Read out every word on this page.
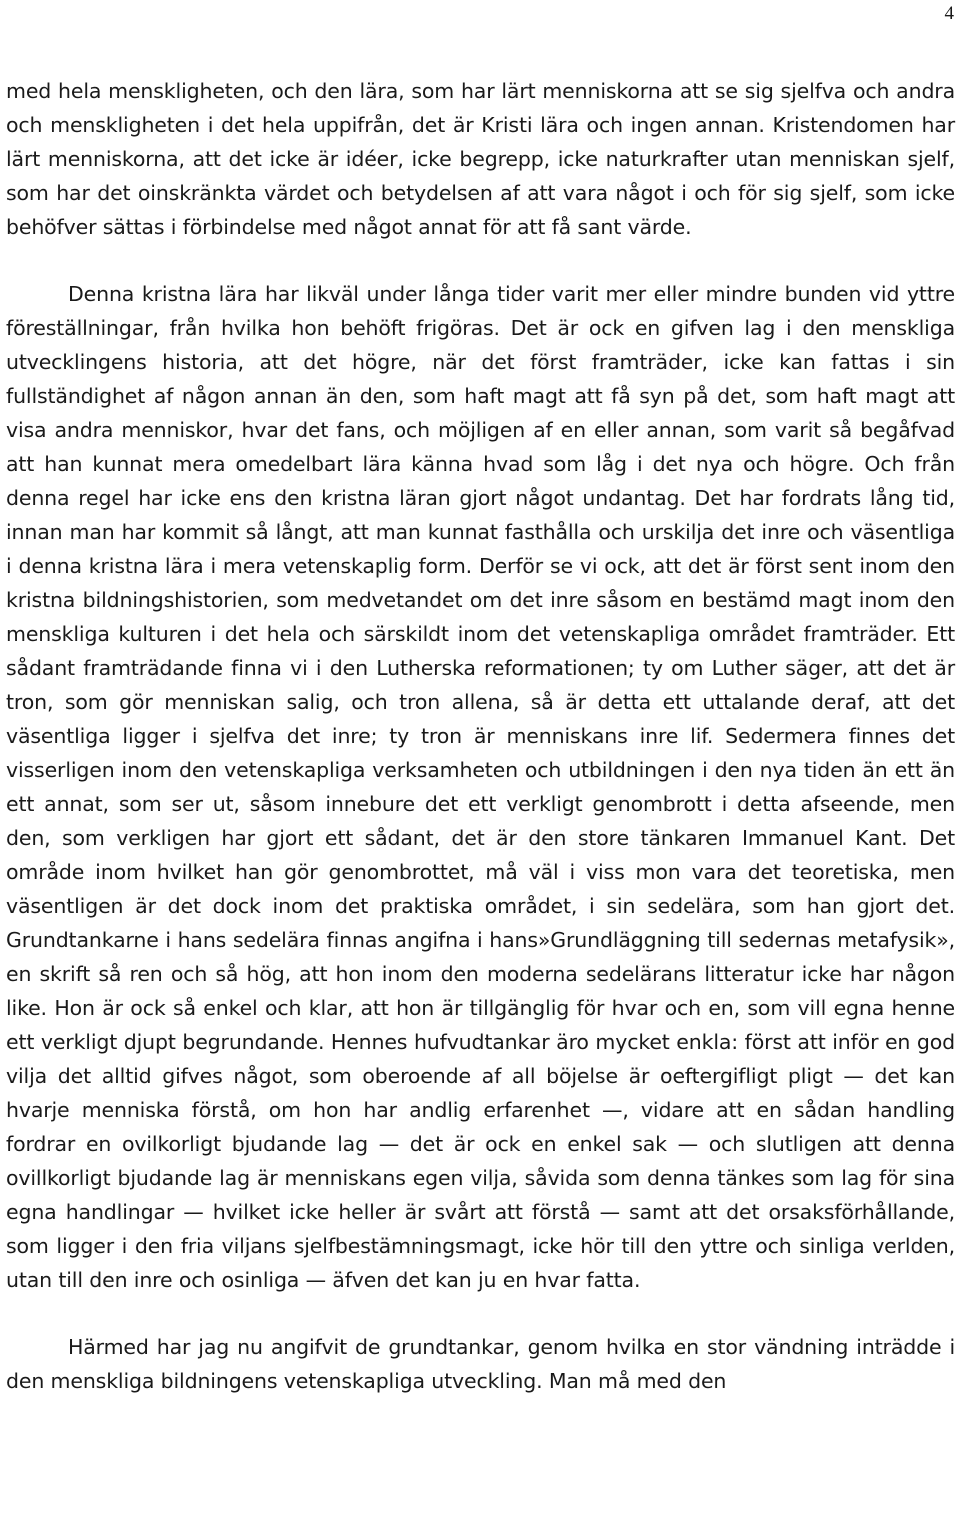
4

med hela menskligheten, och den lära, som har lärt menniskorna att se sig sjelfva och andra och menskligheten i det hela uppifrån, det är Kristi lära och ingen annan. Kristendomen har lärt menniskorna, att det icke är idéer, icke begrepp, icke naturkrafter utan menniskan sjelf, som har det oinskränkta värdet och betydelsen af att vara något i och för sig sjelf, som icke behöfver sättas i förbindelse med något annat för att få sant värde.

Denna kristna lära har likväl under långa tider varit mer eller mindre bunden vid yttre föreställningar, från hvilka hon behöft frigöras. Det är ock en gifven lag i den menskliga utvecklingens historia, att det högre, när det först framträder, icke kan fattas i sin fullständighet af någon annan än den, som haft magt att få syn på det, som haft magt att visa andra menniskor, hvar det fans, och möjligen af en eller annan, som varit så begåfvad att han kunnat mera omedelbart lära känna hvad som låg i det nya och högre. Och från denna regel har icke ens den kristna läran gjort något undantag. Det har fordrats lång tid, innan man har kommit så långt, att man kunnat fasthålla och urskilja det inre och väsentliga i denna kristna lära i mera vetenskaplig form. Derför se vi ock, att det är först sent inom den kristna bildningshistorien, som medvetandet om det inre såsom en bestämd magt inom den menskliga kulturen i det hela och särskildt inom det vetenskapliga området framträder. Ett sådant framträdande finna vi i den Lutherska reformationen; ty om Luther säger, att det är tron, som gör menniskan salig, och tron allena, så är detta ett uttalande deraf, att det väsentliga ligger i sjelfva det inre; ty tron är menniskans inre lif. Sedermera finnes det visserligen inom den vetenskapliga verksamheten och utbildningen i den nya tiden än ett än ett annat, som ser ut, såsom innebure det ett verkligt genombrott i detta afseende, men den, som verkligen har gjort ett sådant, det är den store tänkaren Immanuel Kant. Det område inom hvilket han gör genombrottet, må väl i viss mon vara det teoretiska, men väsentligen är det dock inom det praktiska området, i sin sedelära, som han gjort det. Grundtankarne i hans sedelära finnas angifna i hans»Grundläggning till sedernas metafysik», en skrift så ren och så hög, att hon inom den moderna sedelärans litteratur icke har någon like. Hon är ock så enkel och klar, att hon är tillgänglig för hvar och en, som vill egna henne ett verkligt djupt begrundande. Hennes hufvudtankar äro mycket enkla: först att inför en god vilja det alltid gifves något, som oberoende af all böjelse är oeftergifligt pligt — det kan hvarje menniska förstå, om hon har andlig erfarenhet —, vidare att en sådan handling fordrar en ovilkorligt bjudande lag — det är ock en enkel sak — och slutligen att denna ovillkorligt bjudande lag är menniskans egen vilja, såvida som denna tänkes som lag för sina egna handlingar — hvilket icke heller är svårt att förstå — samt att det orsaksförhållande, som ligger i den fria viljans sjelfbestämningsmagt, icke hör till den yttre och sinliga verlden, utan till den inre och osinliga — äfven det kan ju en hvar fatta.

Härmed har jag nu angifvit de grundtankar, genom hvilka en stor vändning inträdde i den menskliga bildningens vetenskapliga utveckling. Man må med den
